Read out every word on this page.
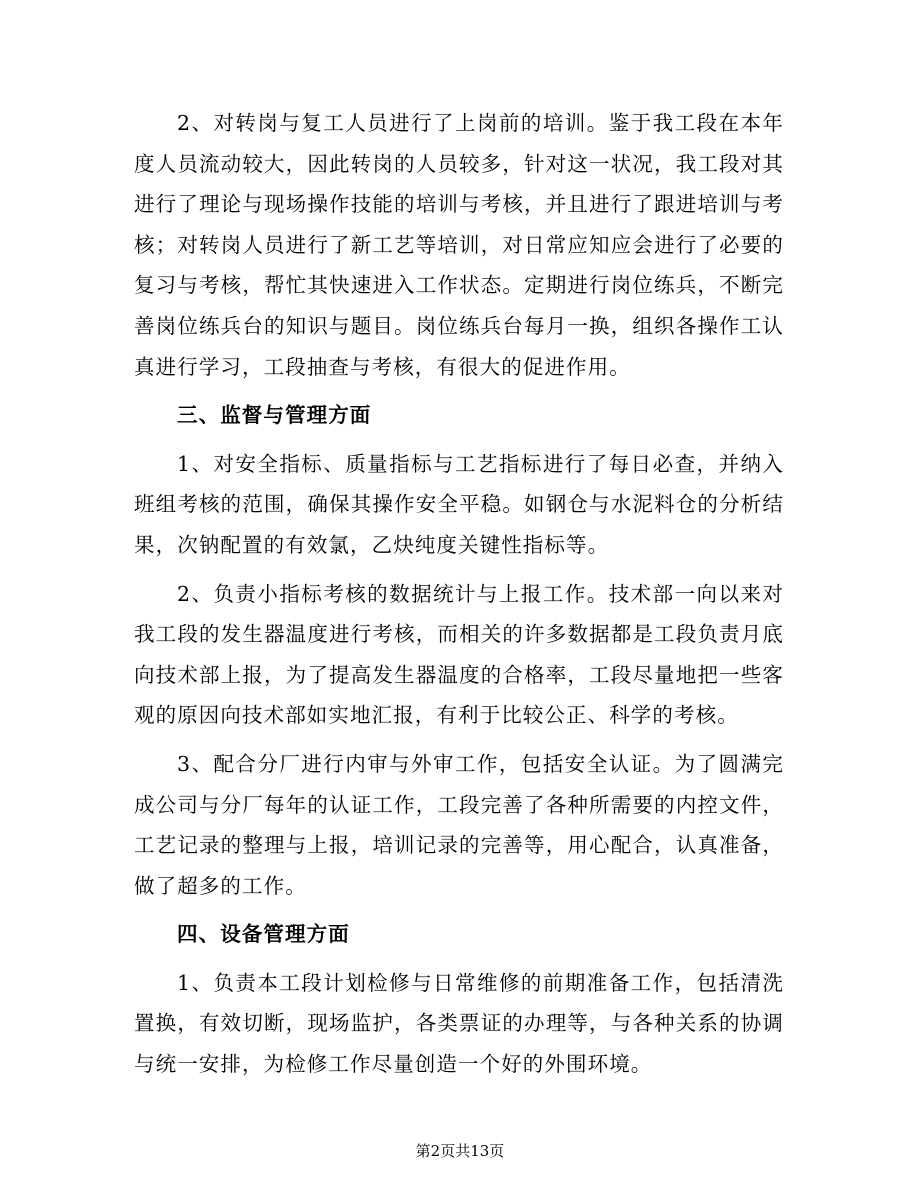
2、对转岗与复工人员进行了上岗前的培训。鉴于我工段在本年度人员流动较大，因此转岗的人员较多，针对这一状况，我工段对其进行了理论与现场操作技能的培训与考核，并且进行了跟进培训与考核；对转岗人员进行了新工艺等培训，对日常应知应会进行了必要的复习与考核，帮忙其快速进入工作状态。定期进行岗位练兵，不断完善岗位练兵台的知识与题目。岗位练兵台每月一换，组织各操作工认真进行学习，工段抽查与考核，有很大的促进作用。

三、监督与管理方面

1、对安全指标、质量指标与工艺指标进行了每日必查，并纳入班组考核的范围，确保其操作安全平稳。如钢仓与水泥料仓的分析结果，次钠配置的有效氯，乙炔纯度关键性指标等。

2、负责小指标考核的数据统计与上报工作。技术部一向以来对我工段的发生器温度进行考核，而相关的许多数据都是工段负责月底向技术部上报，为了提高发生器温度的合格率，工段尽量地把一些客观的原因向技术部如实地汇报，有利于比较公正、科学的考核。

3、配合分厂进行内审与外审工作，包括安全认证。为了圆满完成公司与分厂每年的认证工作，工段完善了各种所需要的内控文件，工艺记录的整理与上报，培训记录的完善等，用心配合，认真准备，做了超多的工作。

四、设备管理方面

1、负责本工段计划检修与日常维修的前期准备工作，包括清洗置换，有效切断，现场监护，各类票证的办理等，与各种关系的协调与统一安排，为检修工作尽量创造一个好的外围环境。

第2页共13页
